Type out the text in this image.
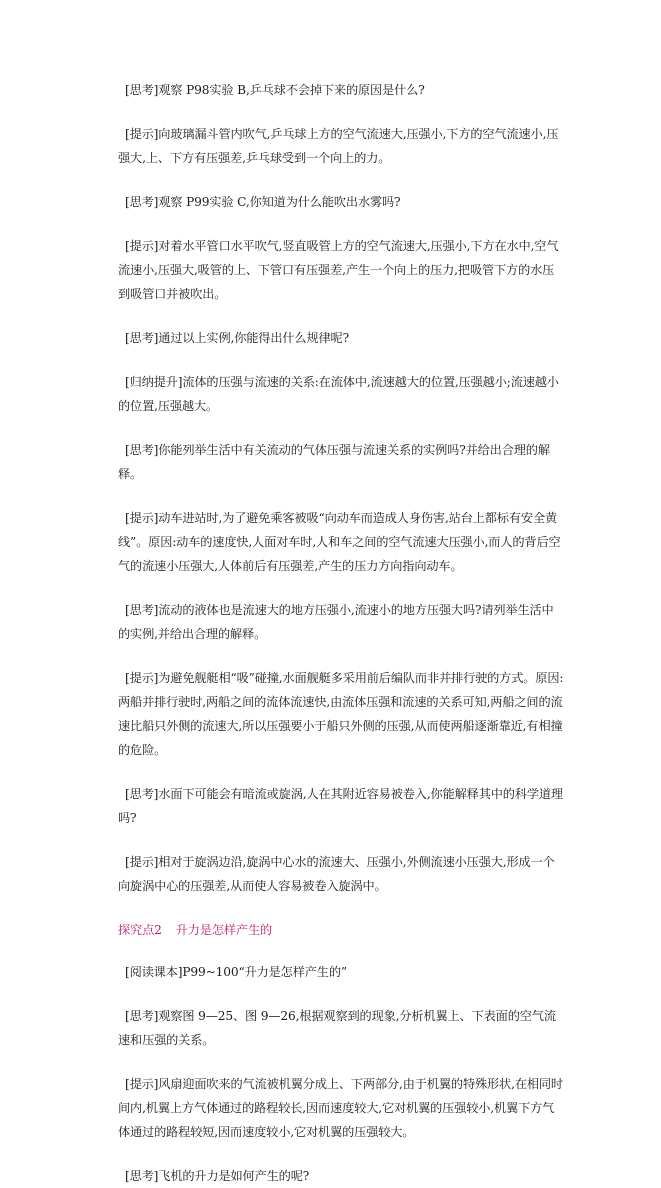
[思考]观察 P98实验 B,乒乓球不会掉下来的原因是什么?

[提示]向玻璃漏斗管内吹气,乒乓球上方的空气流速大,压强小,下方的空气流速小,压强大,上、下方有压强差,乒乓球受到一个向上的力。

[思考]观察 P99实验 C,你知道为什么能吹出水雾吗?

[提示]对着水平管口水平吹气,竖直吸管上方的空气流速大,压强小,下方在水中,空气流速小,压强大,吸管的上、下管口有压强差,产生一个向上的压力,把吸管下方的水压到吸管口并被吹出。

[思考]通过以上实例,你能得出什么规律呢?

[归纳提升]流体的压强与流速的关系:在流体中,流速越大的位置,压强越小;流速越小的位置,压强越大。

[思考]你能列举生活中有关流动的气体压强与流速关系的实例吗?并给出合理的解释。

[提示]动车进站时,为了避免乘客被吸“向动车而造成人身伤害,站台上都标有安全黄线”。原因:动车的速度快,人面对车时,人和车之间的空气流速大压强小,而人的背后空气的流速小压强大,人体前后有压强差,产生的压力方向指向动车。

[思考]流动的液体也是流速大的地方压强小,流速小的地方压强大吗?请列举生活中的实例,并给出合理的解释。

[提示]为避免舰艇相“吸”碰撞,水面舰艇多采用前后编队而非并排行驶的方式。原因:两船并排行驶时,两船之间的流体流速快,由流体压强和流速的关系可知,两船之间的流速比船只外侧的流速大,所以压强要小于船只外侧的压强,从而使两船逐渐靠近,有相撞的危险。

[思考]水面下可能会有暗流或旋涡,人在其附近容易被卷入,你能解释其中的科学道理吗?

[提示]相对于旋涡边沿,旋涡中心水的流速大、压强小,外侧流速小压强大,形成一个向旋涡中心的压强差,从而使人容易被卷入旋涡中。

探究点2 升力是怎样产生的

[阅读课本]P99~100“升力是怎样产生的”

[思考]观察图 9—25、图 9—26,根据观察到的现象,分析机翼上、下表面的空气流速和压强的关系。

[提示]风扇迎面吹来的气流被机翼分成上、下两部分,由于机翼的特殊形状,在相同时间内,机翼上方气体通过的路程较长,因而速度较大,它对机翼的压强较小,机翼下方气体通过的路程较短,因而速度较小,它对机翼的压强较大。

[思考]飞机的升力是如何产生的呢?
